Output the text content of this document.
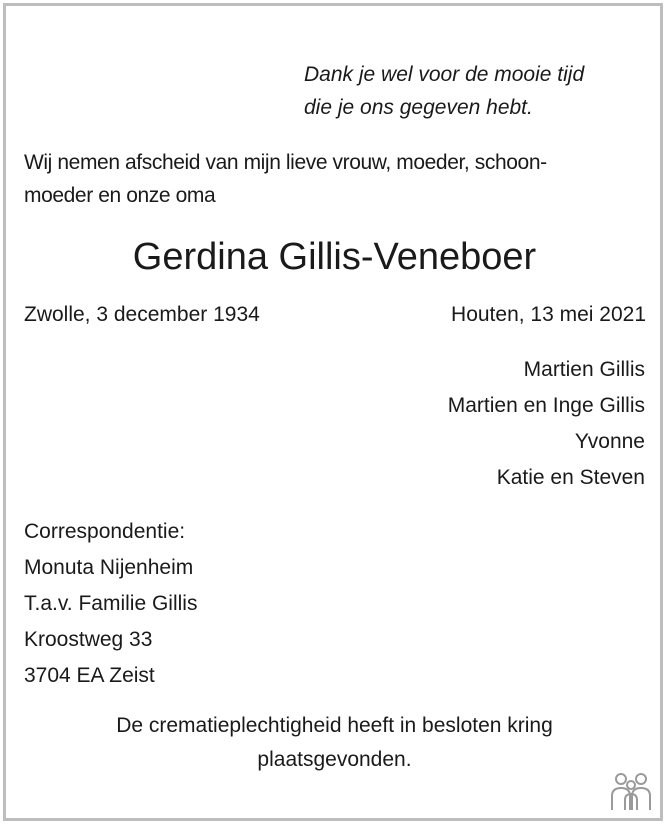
Dank je wel voor de mooie tijd
die je ons gegeven hebt.
Wij nemen afscheid van mijn lieve vrouw, moeder, schoon-
moeder en onze oma
Gerdina Gillis-Veneboer
Zwolle, 3 december 1934	Houten, 13 mei 2021
Martien Gillis
Martien en Inge Gillis
Yvonne
Katie en Steven
Correspondentie:
Monuta Nijenheim
T.a.v. Familie Gillis
Kroostweg 33
3704 EA Zeist
De crematieplechtigheid heeft in besloten kring
plaatsgevonden.
